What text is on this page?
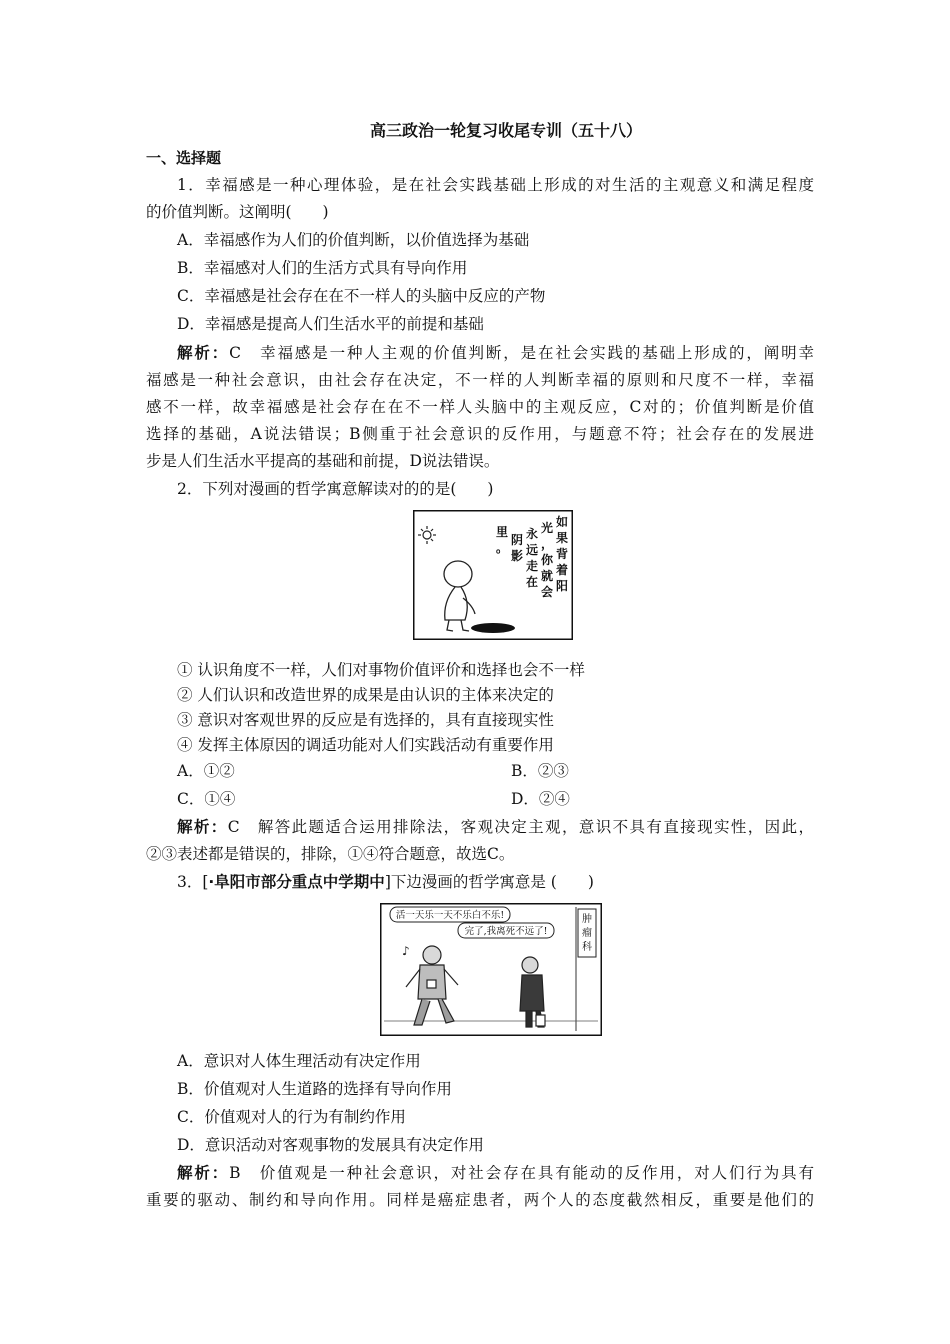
高三政治一轮复习收尾专训（五十八）
一、选择题
1．幸福感是一种心理体验，是在社会实践基础上形成的对生活的主观意义和满足程度
的价值判断。这阐明(　　)
A．幸福感作为人们的价值判断，以价值选择为基础
B．幸福感对人们的生活方式具有导向作用
C．幸福感是社会存在在不一样人的头脑中反应的产物
D．幸福感是提高人们生活水平的前提和基础
解析：C　幸福感是一种人主观的价值判断，是在社会实践的基础上形成的，阐明幸
福感是一种社会意识，由社会存在决定，不一样的人判断幸福的原则和尺度不一样，幸福
感不一样，故幸福感是社会存在在不一样人头脑中的主观反应，C对的；价值判断是价值
选择的基础，A说法错误；B侧重于社会意识的反作用，与题意不符；社会存在的发展进
步是人们生活水平提高的基础和前提，D说法错误。
2．下列对漫画的哲学寓意解读对的的是(　　)
如
果
背
着
阳
光
，
你
就
会
永
远
走
在
阴
影
里
。
① 认识角度不一样，人们对事物价值评价和选择也会不一样
② 人们认识和改造世界的成果是由认识的主体来决定的
③ 意识对客观世界的反应是有选择的，具有直接现实性
④ 发挥主体原因的调适功能对人们实践活动有重要作用
A．①②	B．②③
C．①④	D．②④
解析：C　解答此题适合运用排除法，客观决定主观，意识不具有直接现实性，因此，
②③表述都是错误的，排除，①④符合题意，故选C。
3．[·阜阳市部分重点中学期中]下边漫画的哲学寓意是 (　　)
活一天乐一天不乐白不乐!
完了,我离死不远了!
肿
瘤
科
♪
A．意识对人体生理活动有决定作用
B．价值观对人生道路的选择有导向作用
C．价值观对人的行为有制约作用
D．意识活动对客观事物的发展具有决定作用
解析：B　价值观是一种社会意识，对社会存在具有能动的反作用，对人们行为具有
重要的驱动、制约和导向作用。同样是癌症患者，两个人的态度截然相反，重要是他们的
